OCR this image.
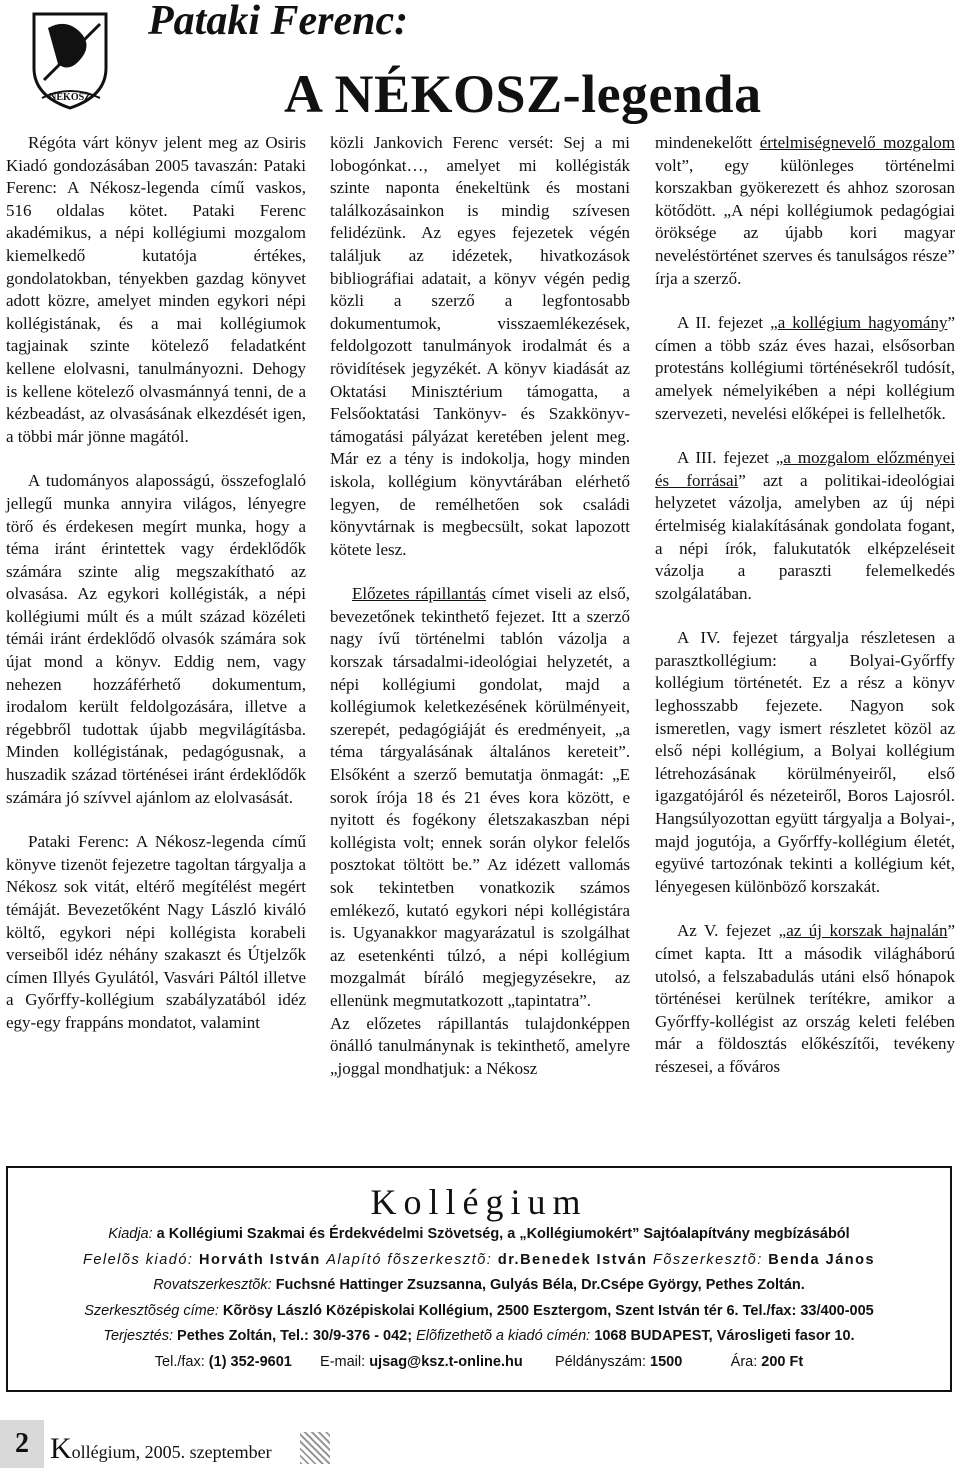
NÉKOSZ
Pataki Ferenc:
A NÉKOSZ-legenda

Régóta várt könyv jelent meg az Osiris Kiadó gondozásában 2005 tavaszán: Pataki Ferenc: A Nékosz-legenda című vaskos, 516 oldalas kötet. Pataki Ferenc akadémikus, a népi kollégiumi mozgalom kiemelkedő kutatója értékes, gondolatokban, tényekben gazdag könyvet adott közre, amelyet minden egykori népi kollégistának, és a mai kollégiumok tagjainak szinte kötelező feladatként kellene elolvasni, tanulmányozni. Dehogy is kellene kötelező olvasmánnyá tenni, de a kézbeadást, az olvasásának elkezdését igen, a többi már jönne magától.

A tudományos alaposságú, összefoglaló jellegű munka annyira világos, lényegre törő és érdekesen megírt munka, hogy a téma iránt érintettek vagy érdeklődők számára szinte alig megszakítható az olvasása. Az egykori kollégisták, a népi kollégiumi múlt és a múlt század közéleti témái iránt érdeklődő olvasók számára sok újat mond a könyv. Eddig nem, vagy nehezen hozzáférhető dokumentum, irodalom került feldolgozására, illetve a régebbről tudottak újabb megvilágításba. Minden kollégistának, pedagógusnak, a huszadik század történései iránt érdeklődők számára jó szívvel ajánlom az elolvasását.

Pataki Ferenc: A Nékosz-legenda című könyve tizenöt fejezetre tagoltan tárgyalja a Nékosz sok vitát, eltérő megítélést megért témáját. Bevezetőként Nagy László kiváló költő, egykori népi kollégista korabeli verseiből idéz néhány szakaszt és Útjelzők címen Illyés Gyulától, Vasvári Páltól illetve a Győrffy-kollégium szabályzatából idéz egy-egy frappáns mondatot, valamint

közli Jankovich Ferenc versét: Sej a mi lobogónkat…, amelyet mi kollégisták szinte naponta énekeltünk és mostani találkozásainkon is mindig szívesen felidézünk. Az egyes fejezetek végén találjuk az idézetek, hivatkozások bibliográfiai adatait, a könyv végén pedig közli a szerző a legfontosabb dokumentumok, visszaemlékezések, feldolgozott tanulmányok irodalmát és a rövidítések jegyzékét. A könyv kiadását az Oktatási Minisztérium támogatta, a Felsőoktatási Tankönyv- és Szakkönyv-támogatási pályázat keretében jelent meg. Már ez a tény is indokolja, hogy minden iskola, kollégium könyvtárában elérhető legyen, de remélhetően sok családi könyvtárnak is megbecsült, sokat lapozott kötete lesz.

Előzetes rápillantás címet viseli az első, bevezetőnek tekinthető fejezet. Itt a szerző nagy ívű történelmi tablón vázolja a korszak társadalmi-ideológiai helyzetét, a népi kollégiumi gondolat, majd a kollégiumok keletkezésének körülményeit, szerepét, pedagógiáját és eredményeit, „a téma tárgyalásának általános kereteit”. Elsőként a szerző bemutatja önmagát: „E sorok írója 18 és 21 éves kora között, e nyitott és fogékony életszakaszban népi kollégista volt; ennek során olykor felelős posztokat töltött be.” Az idézett vallomás sok tekintetben vonatkozik számos emlékező, kutató egykori népi kollégistára is. Ugyanakkor magyarázatul is szolgálhat az esetenkénti túlzó, a népi kollégium mozgalmát bíráló megjegyzésekre, az ellenünk megmutatkozott „tapintatra”.

Az előzetes rápillantás tulajdonképpen önálló tanulmánynak is tekinthető, amelyre „joggal mondhatjuk: a Nékosz

mindenekelőtt értelmiségnevelő mozgalom volt”, egy különleges történelmi korszakban gyökerezett és ahhoz szorosan kötődött. „A népi kollégiumok pedagógiai öröksége az újabb kori magyar neveléstörténet szerves és tanulságos része” írja a szerző.

A II. fejezet „a kollégium hagyomány” címen a több száz éves hazai, elsősorban protestáns kollégiumi történésekről tudósít, amelyek némelyikében a népi kollégium szervezeti, nevelési előképei is fellelhetők.

A III. fejezet „a mozgalom előzményei és forrásai” azt a politikai-ideológiai helyzetet vázolja, amelyben az új népi értelmiség kialakításának gondolata fogant, a népi írók, falukutatók elképzeléseit vázolja a paraszti felemelkedés szolgálatában.

A IV. fejezet tárgyalja részletesen a parasztkollégium: a Bolyai-Győrffy kollégium történetét. Ez a rész a könyv leghosszabb fejezete. Nagyon sok ismeretlen, vagy ismert részletet közöl az első népi kollégium, a Bolyai kollégium létrehozásának körülményeiről, első igazgatójáról és nézeteiről, Boros Lajosról. Hangsúlyozottan együtt tárgyalja a Bolyai-, majd jogutója, a Győrffy-kollégium életét, együvé tartozónak tekinti a kollégium két, lényegesen különböző korszakát.

Az V. fejezet „az új korszak hajnalán” címet kapta. Itt a második világháború utolsó, a felszabadulás utáni első hónapok történései kerülnek terítékre, amikor a Győrffy-kollégist az ország keleti felében már a földosztás előkészítői, tevékeny részesei, a főváros

Kollégium
Kiadja: a Kollégiumi Szakmai és Érdekvédelmi Szövetség, a „Kollégiumokért” Sajtóalapítvány megbízásából
Felelõs kiadó: Horváth István Alapító fõszerkesztõ: dr.Benedek István Fõszerkesztõ: Benda János
Rovatszerkesztõk: Fuchsné Hattinger Zsuzsanna, Gulyás Béla, Dr.Csépe György, Pethes Zoltán.
Szerkesztõség címe: Kõrösy László Középiskolai Kollégium, 2500 Esztergom, Szent István tér 6. Tel./fax: 33/400-005
Terjesztés: Pethes Zoltán, Tel.: 30/9-376 - 042; Elõfizethetõ a kiadó címén: 1068 BUDAPEST, Városligeti fasor 10.
Tel./fax: (1) 352-9601 E-mail: ujsag@ksz.t-online.hu Példányszám: 1500	Ára: 200 Ft
2 Kollégium, 2005. szeptember
